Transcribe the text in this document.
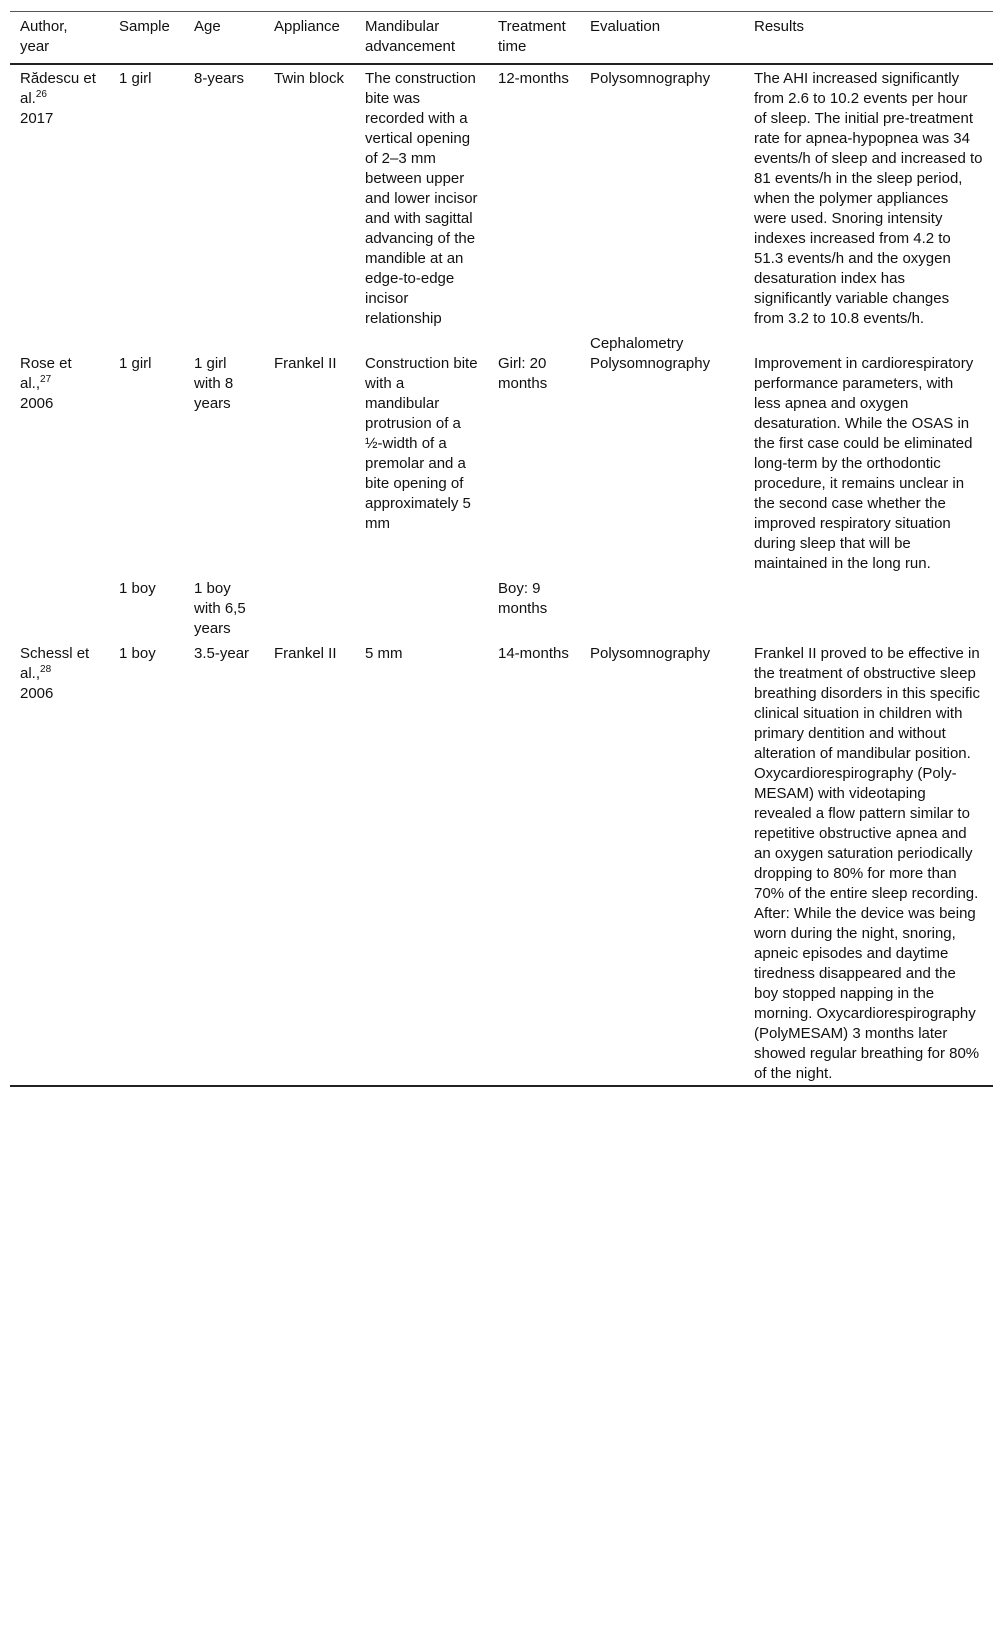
Author, year	Sample	Age	Appliance	Mandibular advancement	Treatment time	Evaluation	Results
Rădescu et al.$^{26}$
2017	1 girl	8-years	Twin block	The construction bite was recorded with a vertical opening of 2–3 mm between upper and lower incisor and with sagittal advancing of the mandible at an edge-to-edge incisor relationship	12-months	Polysomnography	The AHI increased significantly from 2.6 to 10.2 events per hour of sleep. The initial pre-treatment rate for apnea-hypopnea was 34 events/h of sleep and increased to 81 events/h in the sleep period, when the polymer appliances were used. Snoring intensity indexes increased from 4.2 to 51.3 events/h and the oxygen desaturation index has significantly variable changes from 3.2 to 10.8 events/h.
Rose et al.,$^{27}$
2006	1 girl	1 girl with 8 years	Frankel II	Construction bite with a mandibular protrusion of a ½-width of a premolar and a bite opening of approximately 5 mm	Girl: 20 months	Cephalometry
Polysomnography	Improvement in cardiorespiratory performance parameters, with less apnea and oxygen desaturation. While the OSAS in the first case could be eliminated long-term by the orthodontic procedure, it remains unclear in the second case whether the improved respiratory situation during sleep that will be maintained in the long run.
	1 boy	1 boy with 6,5 years			Boy: 9 months		
Schessl et al.,$^{28}$
2006	1 boy	3.5-year	Frankel II	5 mm	14-months	Polysomnography	Frankel II proved to be effective in the treatment of obstructive sleep breathing disorders in this specific clinical situation in children with primary dentition and without alteration of mandibular position. Oxycardiorespirography (Poly-MESAM) with videotaping revealed a flow pattern similar to repetitive obstructive apnea and an oxygen saturation periodically dropping to 80% for more than 70% of the entire sleep recording. After: While the device was being worn during the night, snoring, apneic episodes and daytime tiredness disappeared and the boy stopped napping in the morning. Oxycardiorespirography (PolyMESAM) 3 months later showed regular breathing for 80% of the night.
